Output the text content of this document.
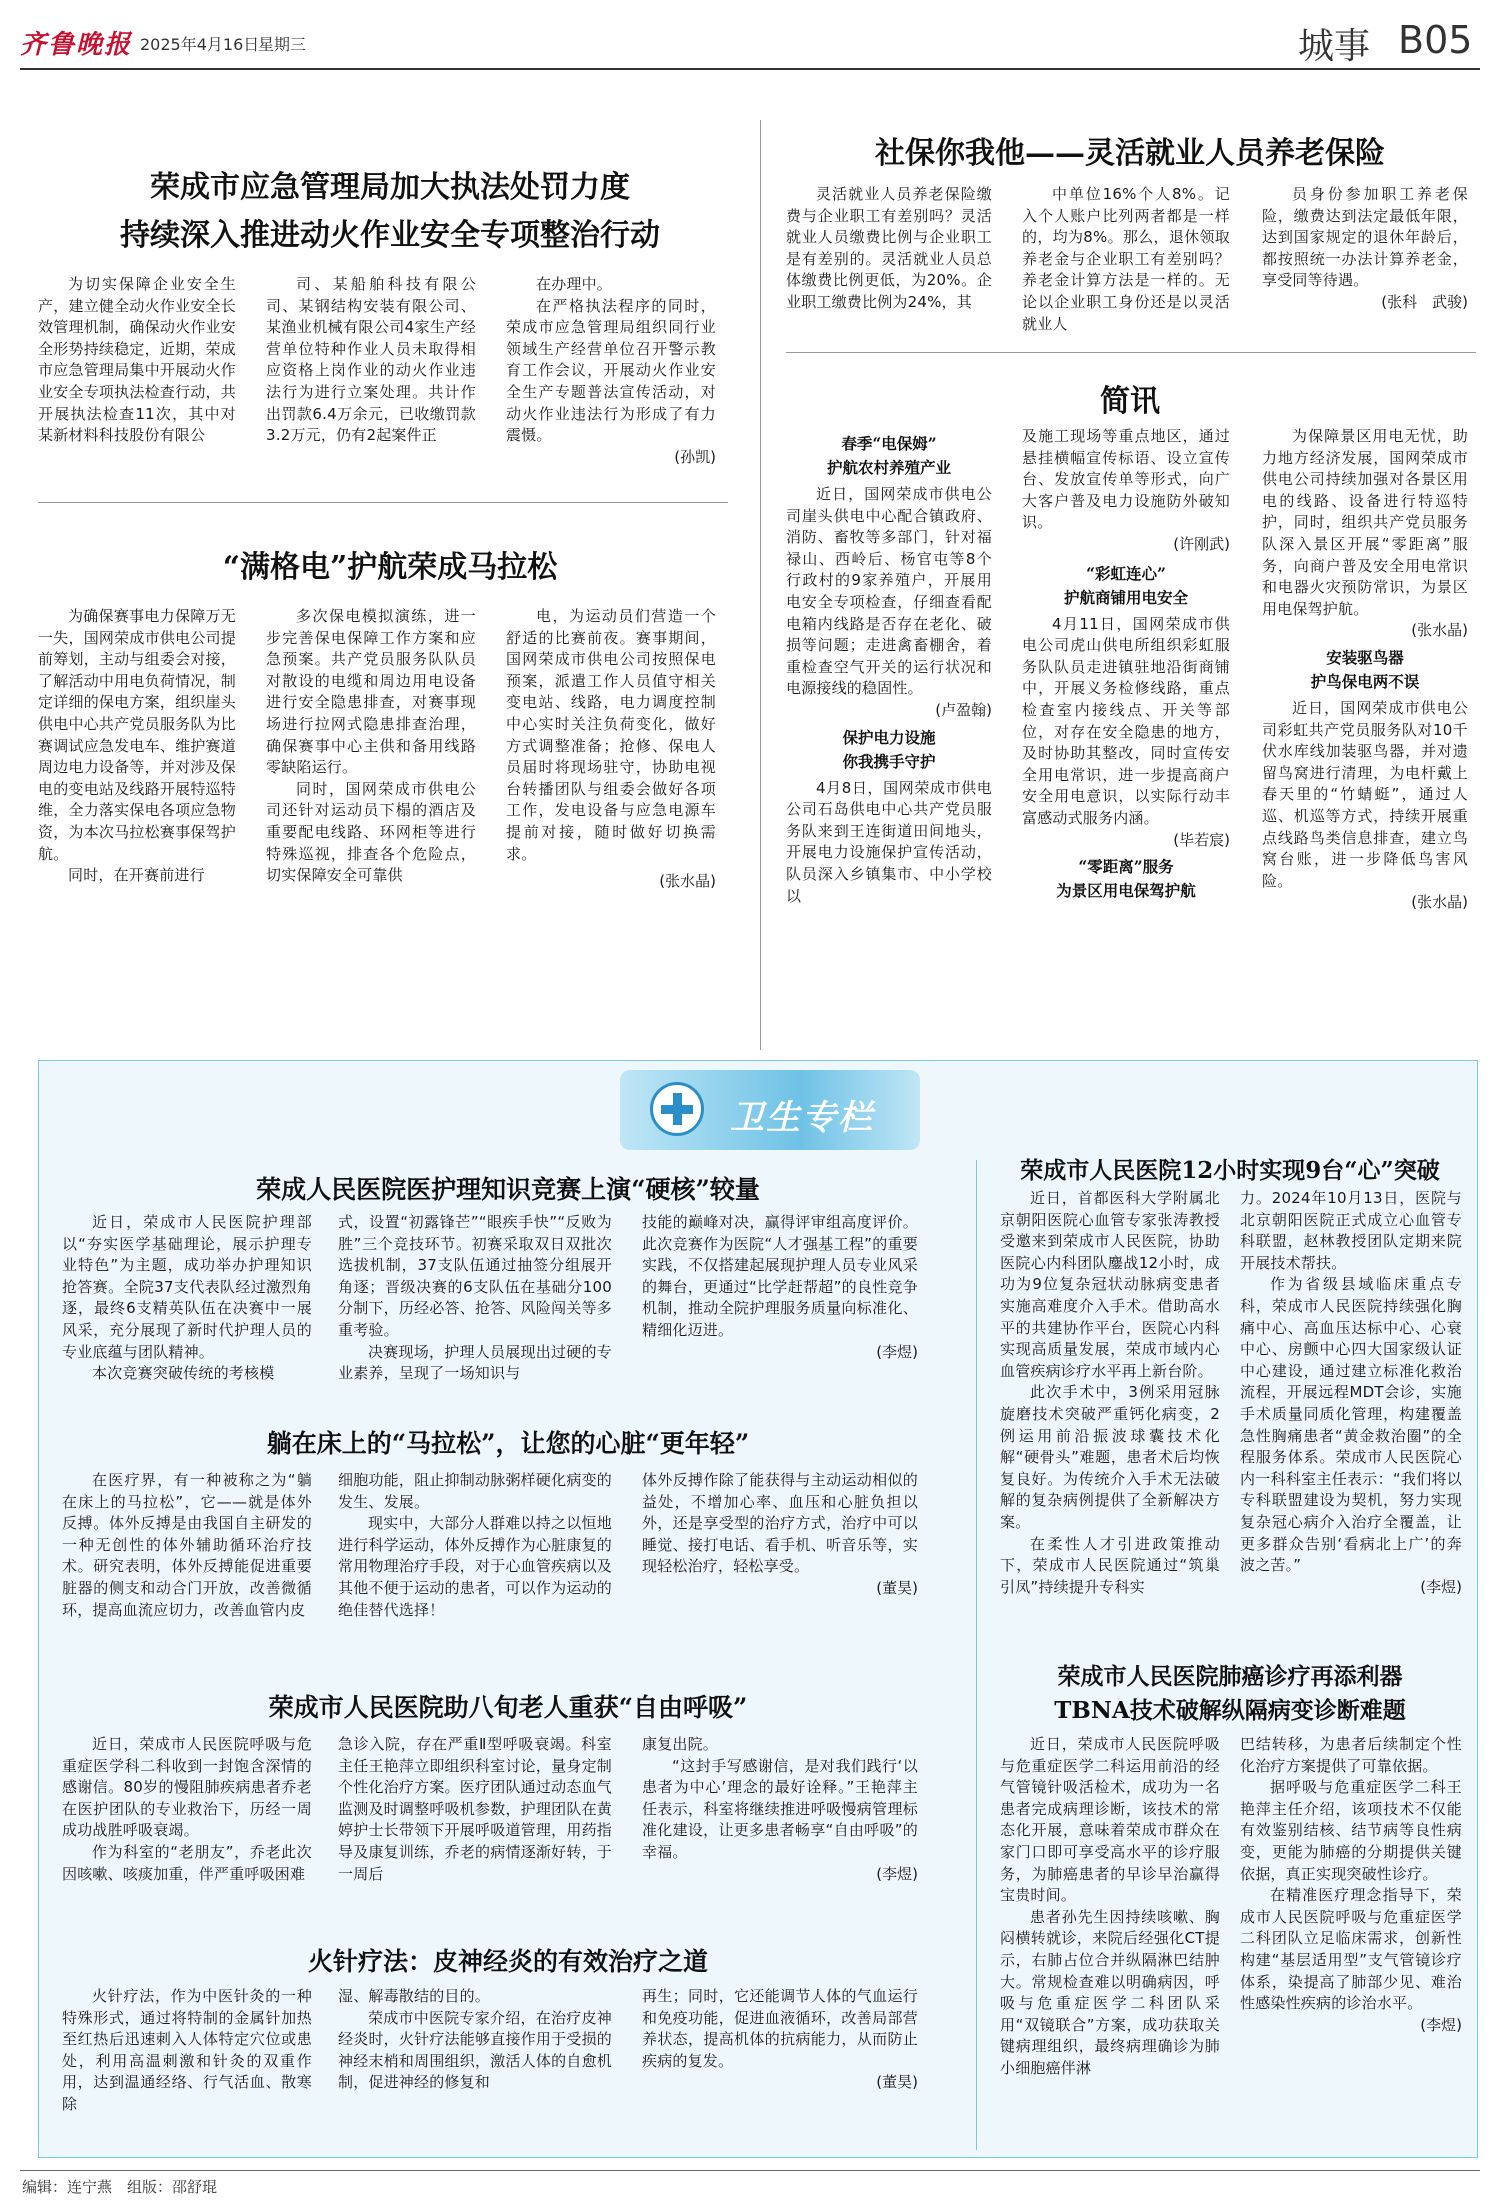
齐鲁晚报 2025年4月16日
星期三	城事 B05
荣成市应急管理局加大执法处罚力度
持续深入推进动火作业安全专项整治行动

为切实保障企业安全生产，建立健全动火作业安全长效管理机制，确保动火作业安全形势持续稳定，近期，荣成市应急管理局集中开展动火作业安全专项执法检查行动，共开展执法检查11次，其中对某新材料科技股份有限公

司、某船舶科技有限公司、某钢结构安装有限公司、某渔业机械有限公司4家生产经营单位特种作业人员未取得相应资格上岗作业的动火作业违法行为进行立案处理。共计作出罚款6.4万余元，已收缴罚款3.2万元，仍有2起案件正

在办理中。

在严格执法程序的同时，荣成市应急管理局组织同行业领域生产经营单位召开警示教育工作会议，开展动火作业安全生产专题普法宣传活动，对动火作业违法行为形成了有力震慑。

(孙凯)
“满格电”护航荣成马拉松

为确保赛事电力保障万无一失，国网荣成市供电公司提前筹划，主动与组委会对接，了解活动中用电负荷情况，制定详细的保电方案，组织崖头供电中心共产党员服务队为比赛调试应急发电车、维护赛道周边电力设备等，并对涉及保电的变电站及线路开展特巡特维，全力落实保电各项应急物资，为本次马拉松赛事保驾护航。

同时，在开赛前进行

多次保电模拟演练，进一步完善保电保障工作方案和应急预案。共产党员服务队队员对散设的电缆和周边用电设备进行安全隐患排查，对赛事现场进行拉网式隐患排查治理，确保赛事中心主供和备用线路零缺陷运行。

同时，国网荣成市供电公司还针对运动员下榻的酒店及重要配电线路、环网柜等进行特殊巡视，排查各个危险点，切实保障安全可靠供

电，为运动员们营造一个舒适的比赛前夜。赛事期间，国网荣成市供电公司按照保电预案，派遣工作人员值守相关变电站、线路，电力调度控制中心实时关注负荷变化，做好方式调整准备；抢修、保电人员届时将现场驻守，协助电视台转播团队与组委会做好各项工作，发电设备与应急电源车提前对接，随时做好切换需求。

(张水晶)
社保你我他——灵活就业人员养老保险

灵活就业人员养老保险缴费与企业职工有差别吗？灵活就业人员缴费比例与企业职工是有差别的。灵活就业人员总体缴费比例更低，为20%。企业职工缴费比例为24%，其

中单位16%个人8%。记入个人账户比列两者都是一样的，均为8%。那么，退休领取养老金与企业职工有差别吗？养老金计算方法是一样的。无论以企业职工身份还是以灵活就业人

员身份参加职工养老保险，缴费达到法定最低年限，达到国家规定的退休年龄后，都按照统一办法计算养老金，享受同等待遇。

(张科　武骏)
简讯
春季“电保姆”
护航农村养殖产业

近日，国网荣成市供电公司崖头供电中心配合镇政府、消防、畜牧等多部门，针对福禄山、西岭后、杨官屯等8个行政村的9家养殖户，开展用电安全专项检查，仔细查看配电箱内线路是否存在老化、破损等问题；走进禽畜棚舍，着重检查空气开关的运行状况和电源接线的稳固性。

(卢盈翰)
保护电力设施
你我携手守护

4月8日，国网荣成市供电公司石岛供电中心共产党员服务队来到王连街道田间地头，开展电力设施保护宣传活动，队员深入乡镇集市、中小学校以

及施工现场等重点地区，通过悬挂横幅宣传标语、设立宣传台、发放宣传单等形式，向广大客户普及电力设施防外破知识。

(许刚武)
“彩虹连心”
护航商铺用电安全

4月11日，国网荣成市供电公司虎山供电所组织彩虹服务队队员走进镇驻地沿街商铺中，开展义务检修线路，重点检查室内接线点、开关等部位，对存在安全隐患的地方，及时协助其整改，同时宣传安全用电常识，进一步提高商户安全用电意识，以实际行动丰富感动式服务内涵。

(毕若宸)
“零距离”服务
为景区用电保驾护航

为保障景区用电无忧，助力地方经济发展，国网荣成市供电公司持续加强对各景区用电的线路、设备进行特巡特护，同时，组织共产党员服务队深入景区开展“零距离”服务，向商户普及安全用电常识和电器火灾预防常识，为景区用电保驾护航。

(张水晶)
安装驱鸟器
护鸟保电两不误

近日，国网荣成市供电公司彩虹共产党员服务队对10千伏水库线加装驱鸟器，并对遗留鸟窝进行清理，为电杆戴上春天里的“竹蜻蜓”，通过人巡、机巡等方式，持续开展重点线路鸟类信息排查，建立鸟窝台账，进一步降低鸟害风险。

(张水晶)
卫生专栏
荣成人民医院医护理知识竞赛上演“硬核”较量

近日，荣成市人民医院护理部以“夯实医学基础理论，展示护理专业特色”为主题，成功举办护理知识抢答赛。全院37支代表队经过激烈角逐，最终6支精英队伍在决赛中一展风采，充分展现了新时代护理人员的专业底蕴与团队精神。

本次竞赛突破传统的考核模

式，设置“初露锋芒”“眼疾手快”“反败为胜”三个竞技环节。初赛采取双日双批次选拔机制，37支队伍通过抽签分组展开角逐；晋级决赛的6支队伍在基础分100分制下，历经必答、抢答、风险闯关等多重考验。

决赛现场，护理人员展现出过硬的专业素养，呈现了一场知识与

技能的巅峰对决，赢得评审组高度评价。此次竞赛作为医院“人才强基工程”的重要实践，不仅搭建起展现护理人员专业风采的舞台，更通过“比学赶帮超”的良性竞争机制，推动全院护理服务质量向标准化、精细化迈进。

(李煜)
躺在床上的“马拉松”，让您的心脏“更年轻”

在医疗界，有一种被称之为“躺在床上的马拉松”，它——就是体外反搏。体外反搏是由我国自主研发的一种无创性的体外辅助循环治疗技术。研究表明，体外反搏能促进重要脏器的侧支和动合门开放，改善微循环，提高血流应切力，改善血管内皮

细胞功能，阻止抑制动脉粥样硬化病变的发生、发展。

现实中，大部分人群难以持之以恒地进行科学运动，体外反搏作为心脏康复的常用物理治疗手段，对于心血管疾病以及其他不便于运动的患者，可以作为运动的绝佳替代选择！

体外反搏作除了能获得与主动运动相似的益处，不增加心率、血压和心脏负担以外，还是享受型的治疗方式，治疗中可以睡觉、接打电话、看手机、听音乐等，实现轻松治疗，轻松享受。

(董昊)
荣成市人民医院助八旬老人重获“自由呼吸”

近日，荣成市人民医院呼吸与危重症医学科二科收到一封饱含深情的感谢信。80岁的慢阻肺疾病患者乔老在医护团队的专业救治下，历经一周成功战胜呼吸衰竭。

作为科室的“老朋友”，乔老此次因咳嗽、咳痰加重，伴严重呼吸困难

急诊入院，存在严重Ⅱ型呼吸衰竭。科室主任王艳萍立即组织科室讨论，量身定制个性化治疗方案。医疗团队通过动态血气监测及时调整呼吸机参数，护理团队在黄婷护士长带领下开展呼吸道管理，用药指导及康复训练，乔老的病情逐渐好转，于一周后

康复出院。

“这封手写感谢信，是对我们践行‘以患者为中心’理念的最好诠释。”王艳萍主任表示，科室将继续推进呼吸慢病管理标准化建设，让更多患者畅享“自由呼吸”的幸福。

(李煜)
火针疗法：皮神经炎的有效治疗之道

火针疗法，作为中医针灸的一种特殊形式，通过将特制的金属针加热至红热后迅速刺入人体特定穴位或患处，利用高温刺激和针灸的双重作用，达到温通经络、行气活血、散寒除

湿、解毒散结的目的。

荣成市中医院专家介绍，在治疗皮神经炎时，火针疗法能够直接作用于受损的神经末梢和周围组织，激活人体的自愈机制，促进神经的修复和

再生；同时，它还能调节人体的气血运行和免疫功能，促进血液循环，改善局部营养状态，提高机体的抗病能力，从而防止疾病的复发。

(董昊)
荣成市人民医院12小时实现9台“心”突破

近日，首都医科大学附属北京朝阳医院心血管专家张涛教授受邀来到荣成市人民医院，协助医院心内科团队鏖战12小时，成功为9位复杂冠状动脉病变患者实施高难度介入手术。借助高水平的共建协作平台，医院心内科实现高质量发展，荣成市域内心血管疾病诊疗水平再上新台阶。

此次手术中，3例采用冠脉旋磨技术突破严重钙化病变，2例运用前沿振波球囊技术化解“硬骨头”难题，患者术后均恢复良好。为传统介入手术无法破解的复杂病例提供了全新解决方案。

在柔性人才引进政策推动下，荣成市人民医院通过“筑巢引凤”持续提升专科实

力。2024年10月13日，医院与北京朝阳医院正式成立心血管专科联盟，赵林教授团队定期来院开展技术帮扶。

作为省级县域临床重点专科，荣成市人民医院持续强化胸痛中心、高血压达标中心、心衰中心、房颤中心四大国家级认证中心建设，通过建立标准化救治流程，开展远程MDT会诊，实施手术质量同质化管理，构建覆盖急性胸痛患者“黄金救治圈”的全程服务体系。荣成市人民医院心内一科科室主任表示：“我们将以专科联盟建设为契机，努力实现复杂冠心病介入治疗全覆盖，让更多群众告别‘看病北上广’的奔波之苦。”

(李煜)
荣成市人民医院肺癌诊疗再添利器
TBNA技术破解纵隔病变诊断难题

近日，荣成市人民医院呼吸与危重症医学二科运用前沿的经气管镜针吸活检术，成功为一名患者完成病理诊断，该技术的常态化开展，意味着荣成市群众在家门口即可享受高水平的诊疗服务，为肺癌患者的早诊早治赢得宝贵时间。

患者孙先生因持续咳嗽、胸闷横转就诊，来院后经强化CT提示，右肺占位合并纵隔淋巴结肿大。常规检查难以明确病因，呼吸与危重症医学二科团队采用“双镜联合”方案，成功获取关键病理组织，最终病理确诊为肺小细胞癌伴淋

巴结转移，为患者后续制定个性化治疗方案提供了可靠依据。

据呼吸与危重症医学二科王艳萍主任介绍，该项技术不仅能有效鉴别结核、结节病等良性病变，更能为肺癌的分期提供关键依据，真正实现突破性诊疗。

在精准医疗理念指导下，荣成市人民医院呼吸与危重症医学二科团队立足临床需求，创新性构建“基层适用型”支气管镜诊疗体系，染提高了肺部少见、难治性感染性疾病的诊治水平。

(李煜)
编辑：连宁燕　组版：邵舒琨
